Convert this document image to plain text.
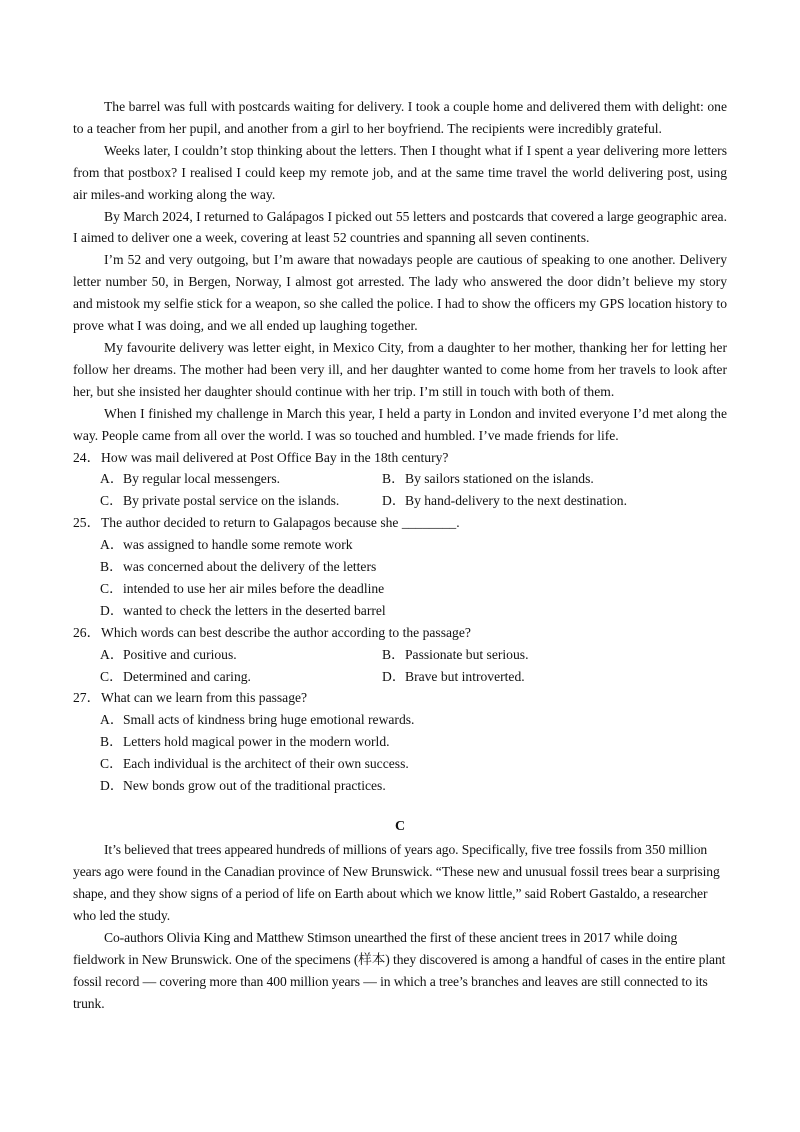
The barrel was full with postcards waiting for delivery. I took a couple home and delivered them with delight: one to a teacher from her pupil, and another from a girl to her boyfriend. The recipients were incredibly grateful.

Weeks later, I couldn’t stop thinking about the letters. Then I thought what if I spent a year delivering more letters from that postbox? I realised I could keep my remote job, and at the same time travel the world delivering post, using air miles-and working along the way.

By March 2024, I returned to Galápagos I picked out 55 letters and postcards that covered a large geographic area. I aimed to deliver one a week, covering at least 52 countries and spanning all seven continents.

I’m 52 and very outgoing, but I’m aware that nowadays people are cautious of speaking to one another. Delivery letter number 50, in Bergen, Norway, I almost got arrested. The lady who answered the door didn’t believe my story and mistook my selfie stick for a weapon, so she called the police. I had to show the officers my GPS location history to prove what I was doing, and we all ended up laughing together.

My favourite delivery was letter eight, in Mexico City, from a daughter to her mother, thanking her for letting her follow her dreams. The mother had been very ill, and her daughter wanted to come home from her travels to look after her, but she insisted her daughter should continue with her trip. I’m still in touch with both of them.

When I finished my challenge in March this year, I held a party in London and invited everyone I’d met along the way. People came from all over the world. I was so touched and humbled. I’ve made friends for life.

24．How was mail delivered at Post Office Bay in the 18th century?

A．By regular local messengers.	B．By sailors stationed on the islands.
C．By private postal service on the islands.	D．By hand-delivery to the next destination.

25．The author decided to return to Galapagos because she ________.

A．was assigned to handle some remote work
B．was concerned about the delivery of the letters
C．intended to use her air miles before the deadline
D．wanted to check the letters in the deserted barrel

26．Which words can best describe the author according to the passage?

A．Positive and curious.	B．Passionate but serious.
C．Determined and caring.	D．Brave but introverted.

27．What can we learn from this passage?

A．Small acts of kindness bring huge emotional rewards.
B．Letters hold magical power in the modern world.
C．Each individual is the architect of their own success.
D．New bonds grow out of the traditional practices.
C

It’s believed that trees appeared hundreds of millions of years ago. Specifically, five tree fossils from 350 million years ago were found in the Canadian province of New Brunswick. “These new and unusual fossil trees bear a surprising shape, and they show signs of a period of life on Earth about which we know little,” said Robert Gastaldo, a researcher who led the study.

Co-authors Olivia King and Matthew Stimson unearthed the first of these ancient trees in 2017 while doing fieldwork in New Brunswick. One of the specimens (样本) they discovered is among a handful of cases in the entire plant fossil record — covering more than 400 million years — in which a tree’s branches and leaves are still connected to its trunk.
